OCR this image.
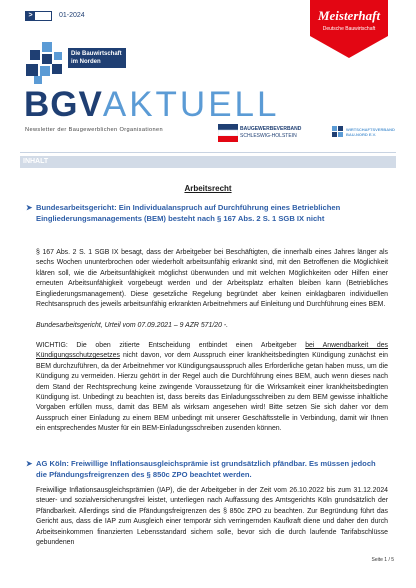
>	01-2024	Meisterhaft
Deutsche Bauwirtschaft
Die Bauwirtschaft
im Norden
BGVAKTUELL
Newsletter der Baugewerblichen Organisationen	BAUGEWERBEVERBAND
SCHLESWIG-HOLSTEIN
WIRTSCHAFTSVERBAND
BAU-NORD E.V.
INHALT
Arbeitsrecht
➤ Bundesarbeitsgericht: Ein Individualanspruch auf Durchführung eines Betrieblichen Eingliederungsmanagements (BEM) besteht nach § 167 Abs. 2 S. 1 SGB IX nicht
§ 167 Abs. 2 S. 1 SGB IX besagt, dass der Arbeitgeber bei Beschäftigten, die innerhalb eines Jahres länger als sechs Wochen ununterbrochen oder wiederholt arbeitsunfähig erkrankt sind, mit den Betroffenen die Möglichkeit klären soll, wie die Arbeitsunfähigkeit möglichst überwunden und mit welchen Möglichkeiten oder Hilfen einer erneuten Arbeitsunfähigkeit vorgebeugt werden und der Arbeitsplatz erhalten bleiben kann (Betriebliches Eingliederungsmanagement). Diese gesetzliche Regelung begründet aber keinen einklagbaren individuellen Rechtsanspruch des jeweils arbeitsunfähig erkrankten Arbeitnehmers auf Einleitung und Durchführung eines BEM.
Bundesarbeitsgericht, Urteil vom 07.09.2021 – 9 AZR 571/20 -.
WICHTIG: Die oben zitierte Entscheidung entbindet einen Arbeitgeber bei Anwendbarkeit des Kündigungsschutzgesetzes nicht davon, vor dem Ausspruch einer krankheitsbedingten Kündigung zunächst ein BEM durchzuführen, da der Arbeitnehmer vor Kündigungsausspruch alles Erforderliche getan haben muss, um die Kündigung zu vermeiden. Hierzu gehört in der Regel auch die Durchführung eines BEM, auch wenn dieses nach dem Stand der Rechtsprechung keine zwingende Voraussetzung für die Wirksamkeit einer krankheitsbedingten Kündigung ist. Unbedingt zu beachten ist, dass bereits das Einladungsschreiben zu dem BEM gewisse inhaltliche Vorgaben erfüllen muss, damit das BEM als wirksam angesehen wird! Bitte setzen Sie sich daher vor dem Ausspruch einer Einladung zu einem BEM unbedingt mit unserer Geschäftsstelle in Verbindung, damit wir Ihnen ein entsprechendes Muster für ein BEM-Einladungsschreiben zusenden können.
➤ AG Köln: Freiwillige Inflationsausgleichsprämie ist grundsätzlich pfändbar. Es müssen jedoch die Pfändungsfreigrenzen des § 850c ZPO beachtet werden.
Freiwillige Inflationsausgleichsprämien (IAP), die der Arbeitgeber in der Zeit vom 26.10.2022 bis zum 31.12.2024 steuer- und sozialversicherungsfrei leistet, unterliegen nach Auffassung des Amtsgerichts Köln grundsätzlich der Pfändbarkeit. Allerdings sind die Pfändungsfreigrenzen des § 850c ZPO zu beachten. Zur Begründung führt das Gericht aus, dass die IAP zum Ausgleich einer temporär sich verringernden Kaufkraft diene und daher den durch Arbeitseinkommen finanzierten Lebensstandard sichern solle, bevor sich die durch laufende Tarifabschlüsse gebundenen
Seite 1 / 5
